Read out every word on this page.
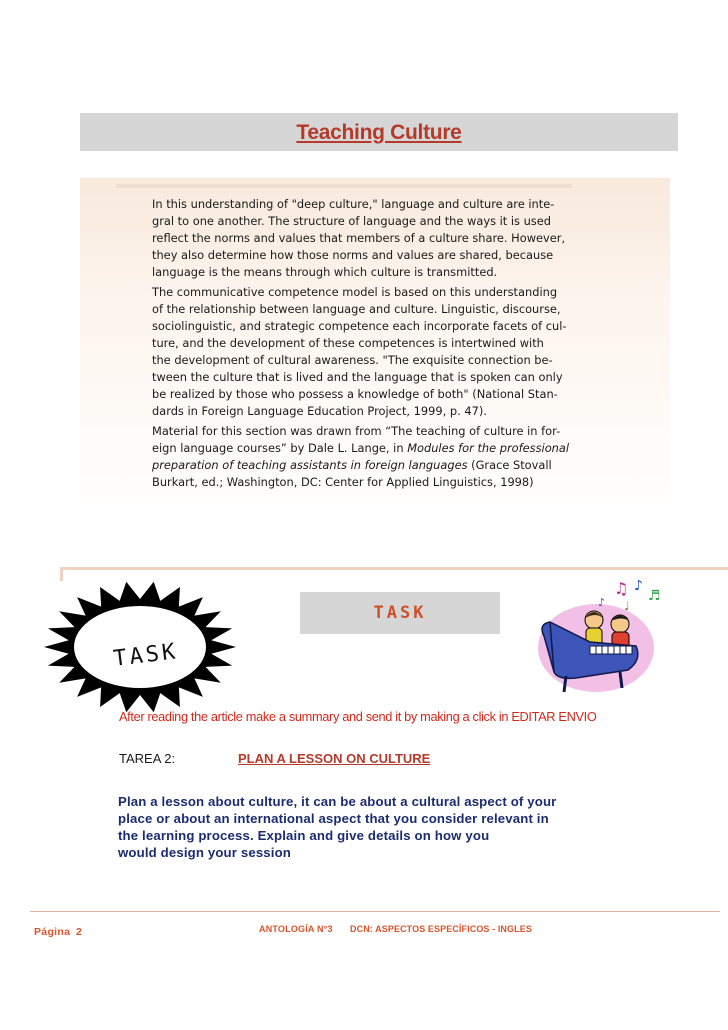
Teaching Culture
In this understanding of "deep culture," language and culture are inte-
gral to one another. The structure of language and the ways it is used
reflect the norms and values that members of a culture share. However,
they also determine how those norms and values are shared, because
language is the means through which culture is transmitted.
The communicative competence model is based on this understanding
of the relationship between language and culture. Linguistic, discourse,
sociolinguistic, and strategic competence each incorporate facets of cul-
ture, and the development of these competences is intertwined with
the development of cultural awareness. "The exquisite connection be-
tween the culture that is lived and the language that is spoken can only
be realized by those who possess a knowledge of both" (National Stan-
dards in Foreign Language Education Project, 1999, p. 47).
Material for this section was drawn from “The teaching of culture in for-
eign language courses” by Dale L. Lange, in Modules for the professional
preparation of teaching assistants in foreign languages (Grace Stovall
Burkart, ed.; Washington, DC: Center for Applied Linguistics, 1998)
TASK
TASK
♫ ♪
♬
♩
♪
After reading the article make a summary and send it by making a click in EDITAR ENVIO
TAREA 2:	PLAN A LESSON ON CULTURE
Plan a lesson about culture, it can be about a cultural aspect of your
place or about an international aspect that you consider relevant in
the learning process. Explain and give details on how you
would design your session
Página 2	ANTOLOGÍA N°3 DCN: ASPECTOS ESPECÍFICOS - INGLES
